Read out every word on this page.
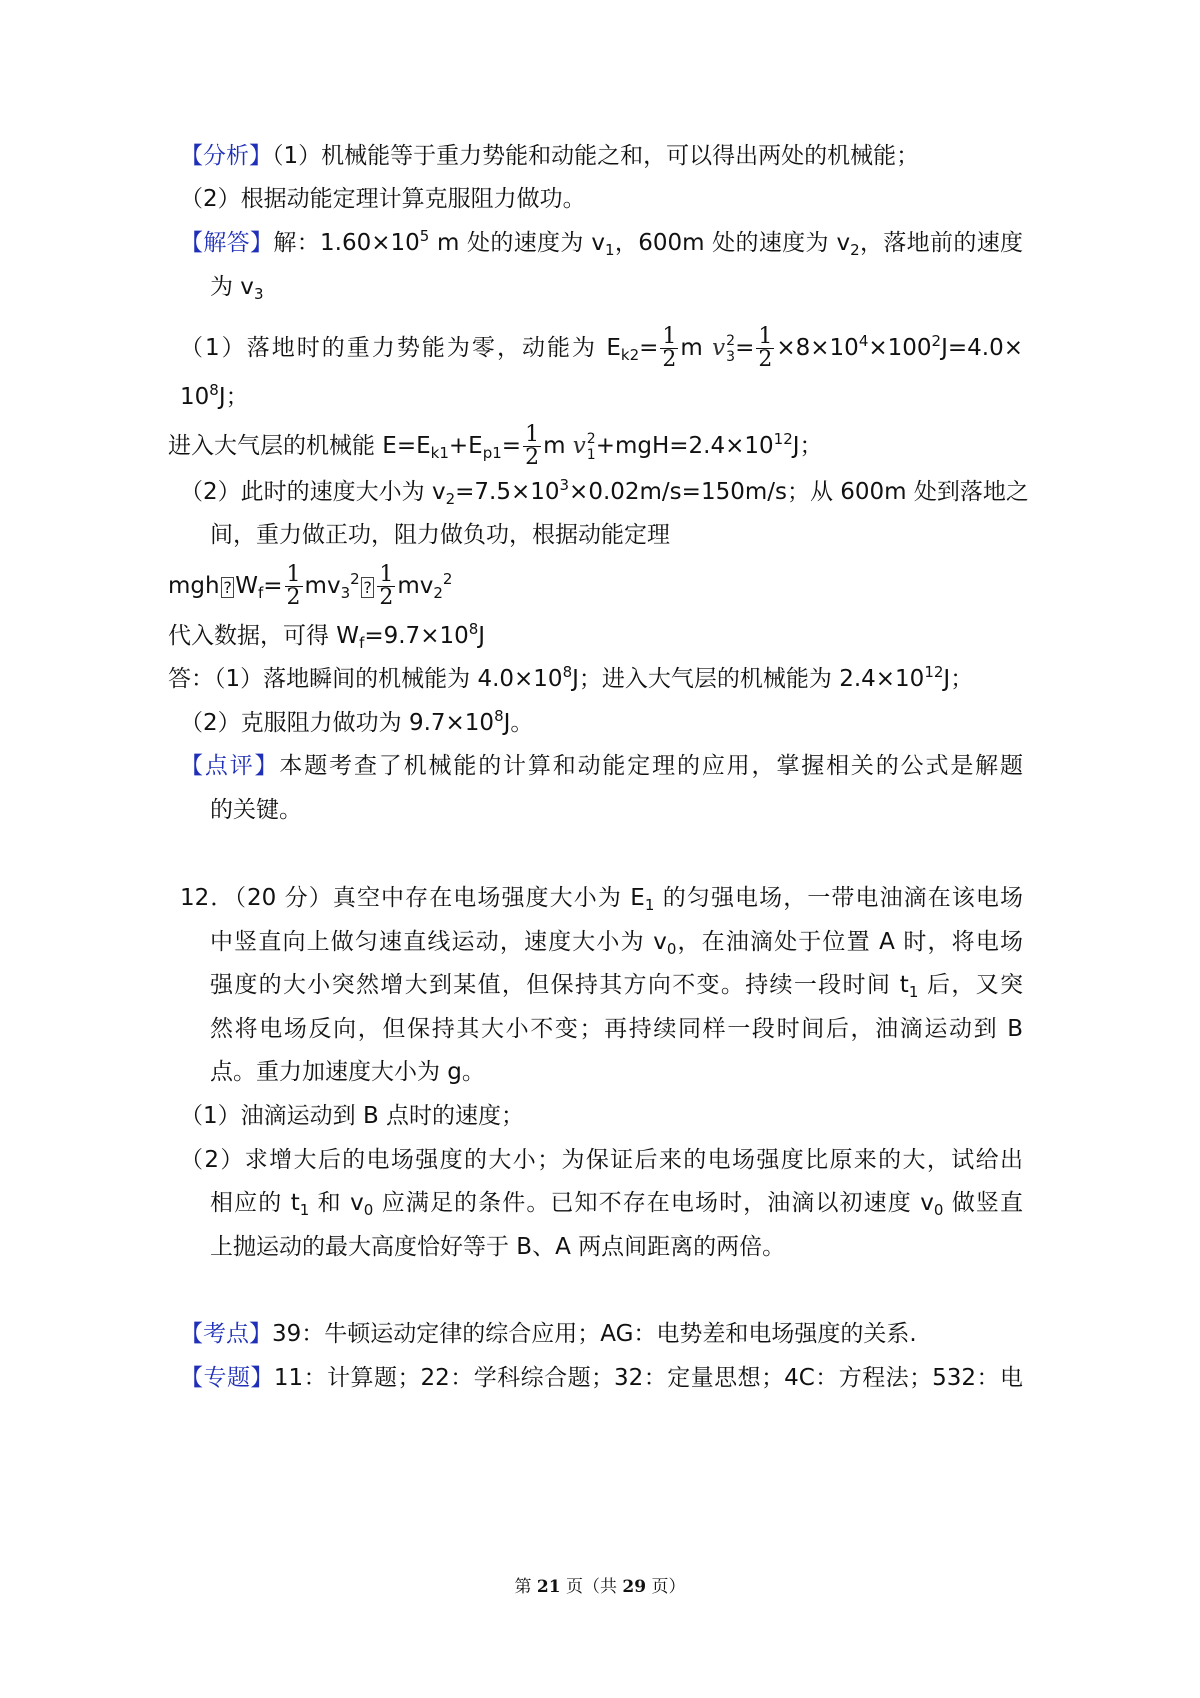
【分析】（1）机械能等于重力势能和动能之和，可以得出两处的机械能；
（2）根据动能定理计算克服阻力做功。
【解答】解：$1.60\times 10^5$ m 处的速度为 $v_1$，600m 处的速度为 $v_2$，落地前的速度
为 $v_3$
（1）落地时的重力势能为零，动能为 $E_{k2}= \frac{1}{2}$ m v 2
$3 = \frac{1}{2} \times 8\times 10^4\times 100^2J=4.0\times$
$10^8J$；
进入大气层的机械能 $E=E_{k1}+E_{p1}= \frac{1}{2}$ m v 2
$1 +mgH=2.4\times 10^{12}J$；
（2）此时的速度大小为 $v_2=7.5\times 10^3\times 0.02m/s=150m/s$；从 600m 处到落地之
间，重力做正功，阻力做负功，根据动能定理
mgh ? $W_f= \frac{1}{2} mv_3^2$ ? $\frac{1}{2} mv_2^2$
代入数据，可得 $W_f=9.7\times 10^8J$
答：（1）落地瞬间的机械能为 $4.0\times 10^8J$；进入大气层的机械能为 $2.4\times 10^{12}J$；
（2）克服阻力做功为 $9.7\times 10^8J$。
【点评】本题考查了机械能的计算和动能定理的应用，掌握相关的公式是解题
的关键。
12．（20 分）真空中存在电场强度大小为 $E_1$ 的匀强电场，一带电油滴在该电场
中竖直向上做匀速直线运动，速度大小为 $v_0$，在油滴处于位置 A 时，将电场
强度的大小突然增大到某值，但保持其方向不变。持续一段时间 $t_1$ 后，又突
然将电场反向，但保持其大小不变；再持续同样一段时间后，油滴运动到 B
点。重力加速度大小为 g。
（1）油滴运动到 B 点时的速度；
（2）求增大后的电场强度的大小；为保证后来的电场强度比原来的大，试给出
相应的 $t_1$ 和 $v_0$ 应满足的条件。已知不存在电场时，油滴以初速度 $v_0$ 做竖直
上抛运动的最大高度恰好等于 B、A 两点间距离的两倍。
【考点】39：牛顿运动定律的综合应用；AG：电势差和电场强度的关系.
【专题】11：计算题；22：学科综合题；32：定量思想；4C：方程法；532：电
第 21 页（共 29 页）
